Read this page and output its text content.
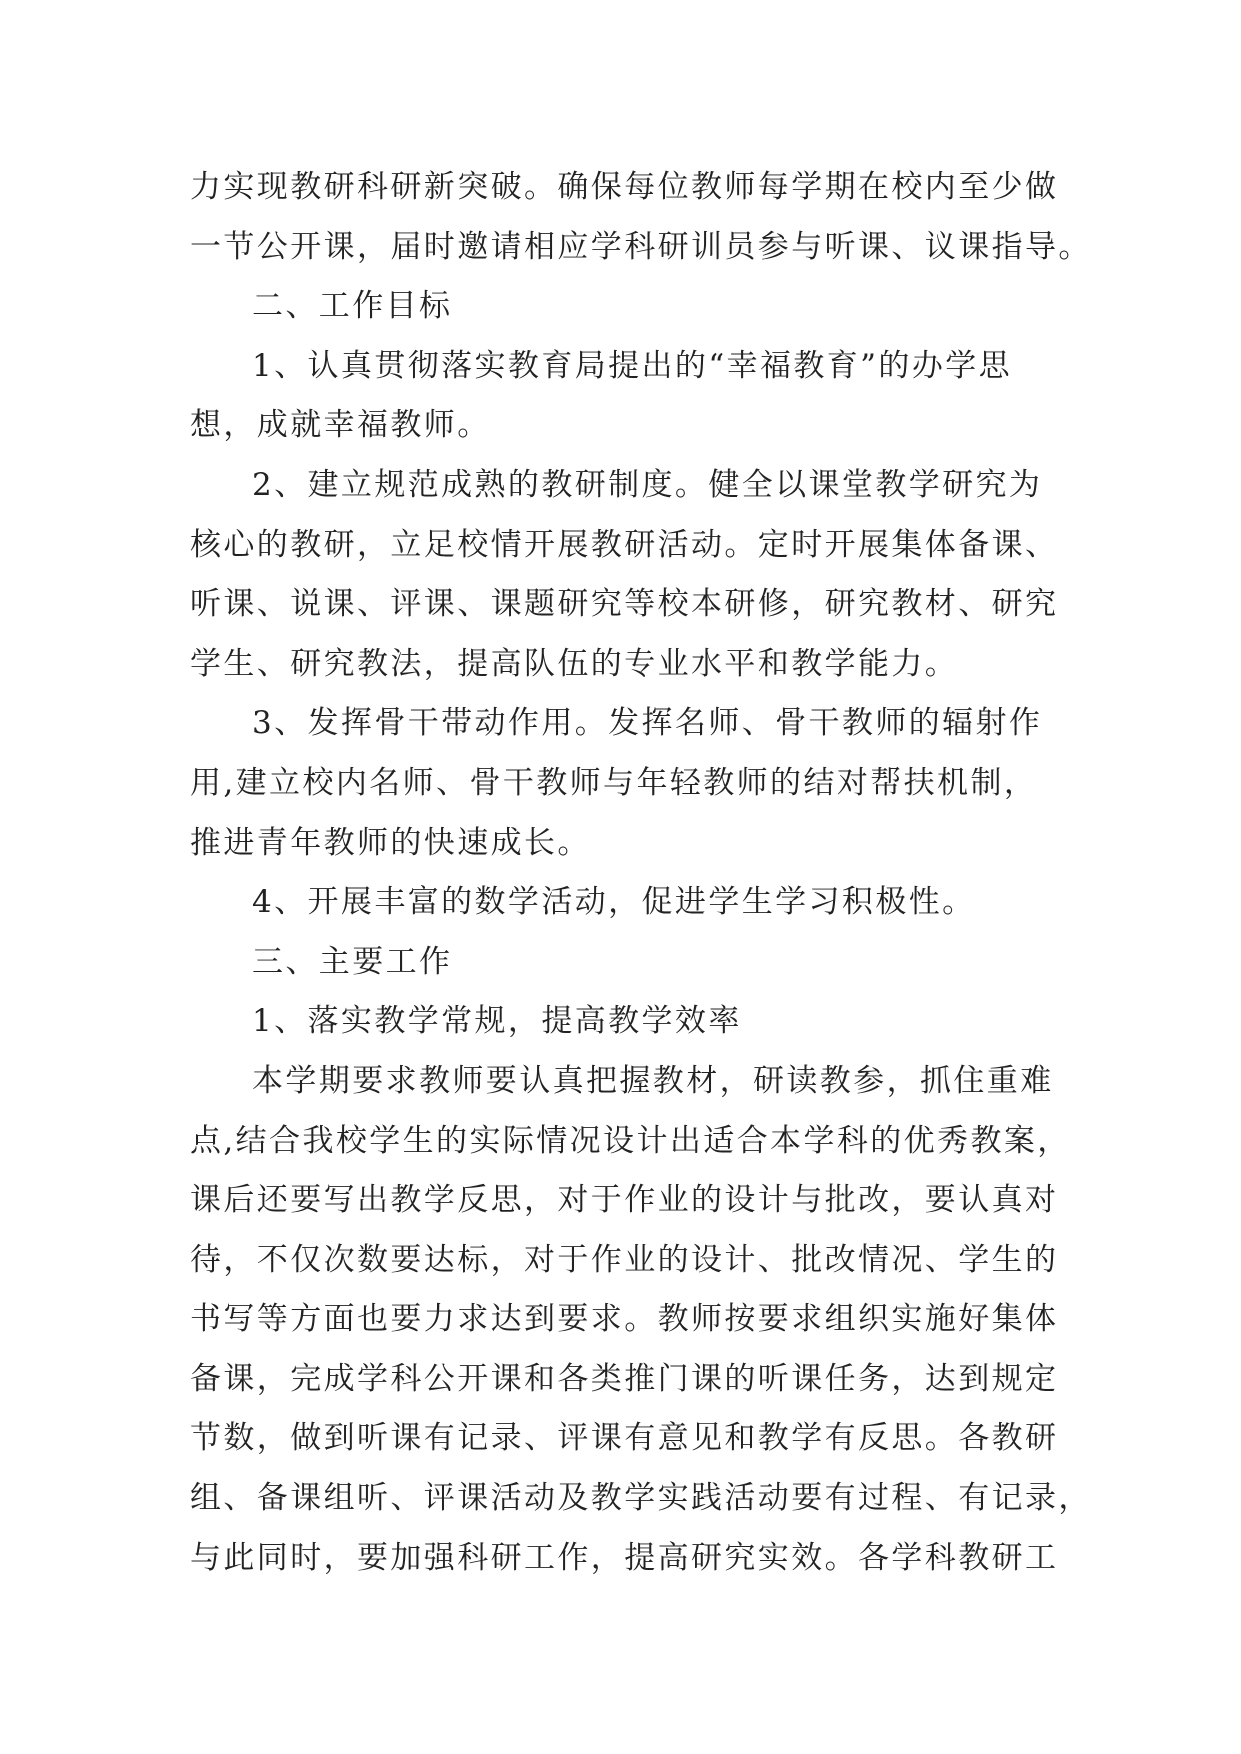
力实现教研科研新突破。确保每位教师每学期在校内至少做
一节公开课，届时邀请相应学科研训员参与听课、议课指导。
二、工作目标
1、认真贯彻落实教育局提出的“幸福教育”的办学思
想，成就幸福教师。
2、建立规范成熟的教研制度。健全以课堂教学研究为
核心的教研，立足校情开展教研活动。定时开展集体备课、
听课、说课、评课、课题研究等校本研修，研究教材、研究
学生、研究教法，提高队伍的专业水平和教学能力。
3、发挥骨干带动作用。发挥名师、骨干教师的辐射作
用,建立校内名师、骨干教师与年轻教师的结对帮扶机制，
推进青年教师的快速成长。
4、开展丰富的数学活动，促进学生学习积极性。
三、主要工作
1、落实教学常规，提高教学效率
本学期要求教师要认真把握教材，研读教参，抓住重难
点,结合我校学生的实际情况设计出适合本学科的优秀教案，
课后还要写出教学反思，对于作业的设计与批改，要认真对
待，不仅次数要达标，对于作业的设计、批改情况、学生的
书写等方面也要力求达到要求。教师按要求组织实施好集体
备课，完成学科公开课和各类推门课的听课任务，达到规定
节数，做到听课有记录、评课有意见和教学有反思。各教研
组、备课组听、评课活动及教学实践活动要有过程、有记录，
与此同时，要加强科研工作，提高研究实效。各学科教研工
